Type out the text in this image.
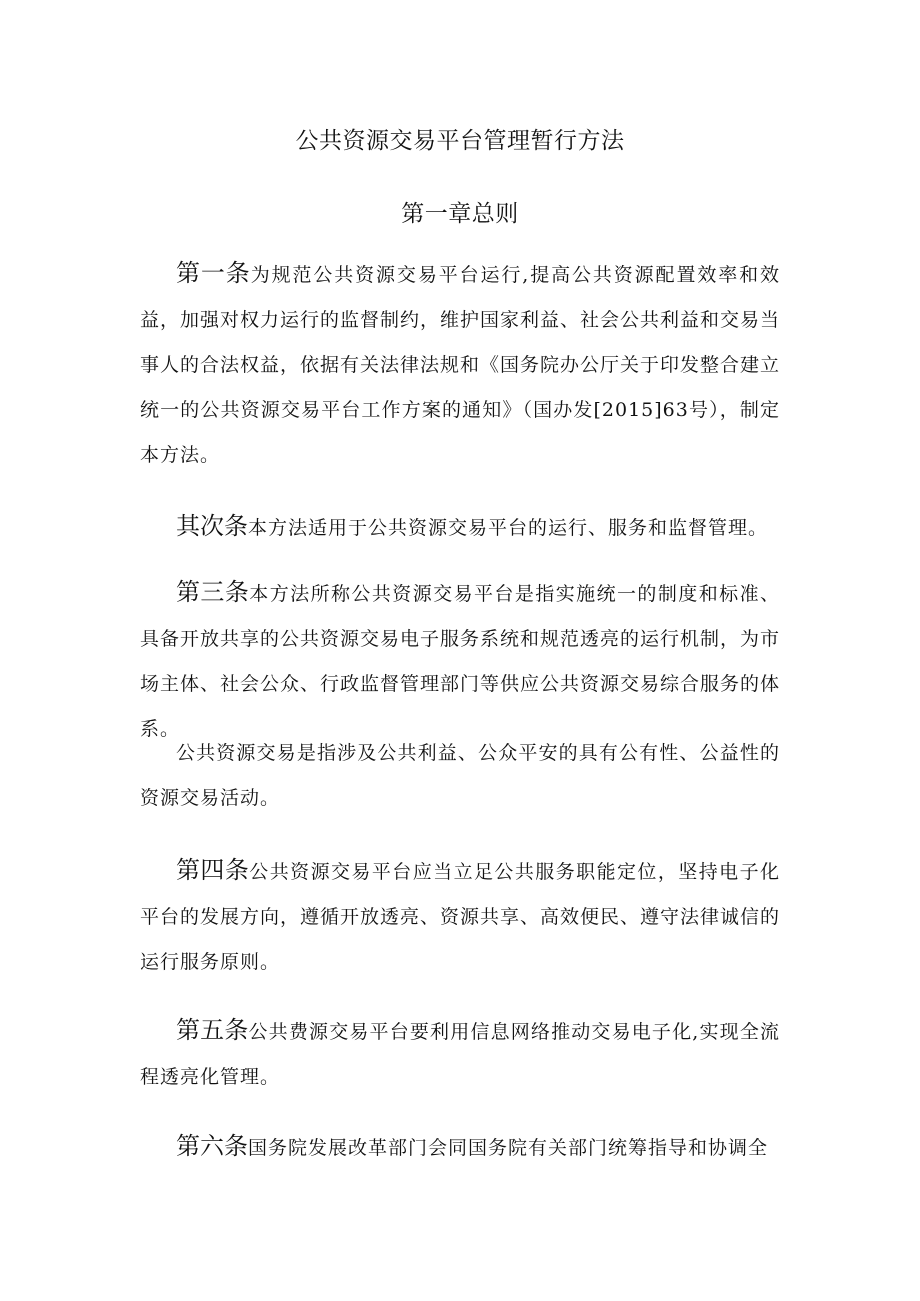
公共资源交易平台管理暂行方法
第一章总则

第一条为规范公共资源交易平台运行,提高公共资源配置效率和效益，加强对权力运行的监督制约，维护国家利益、社会公共利益和交易当事人的合法权益，依据有关法律法规和《国务院办公厅关于印发整合建立统一的公共资源交易平台工作方案的通知》（国办发[2015]63号），制定本方法。

其次条本方法适用于公共资源交易平台的运行、服务和监督管理。

第三条本方法所称公共资源交易平台是指实施统一的制度和标准、具备开放共享的公共资源交易电子服务系统和规范透亮的运行机制，为市场主体、社会公众、行政监督管理部门等供应公共资源交易综合服务的体系。

公共资源交易是指涉及公共利益、公众平安的具有公有性、公益性的资源交易活动。

第四条公共资源交易平台应当立足公共服务职能定位，坚持电子化平台的发展方向，遵循开放透亮、资源共享、高效便民、遵守法律诚信的运行服务原则。

第五条公共费源交易平台要利用信息网络推动交易电子化,实现全流程透亮化管理。

第六条国务院发展改革部门会同国务院有关部门统筹指导和协调全
